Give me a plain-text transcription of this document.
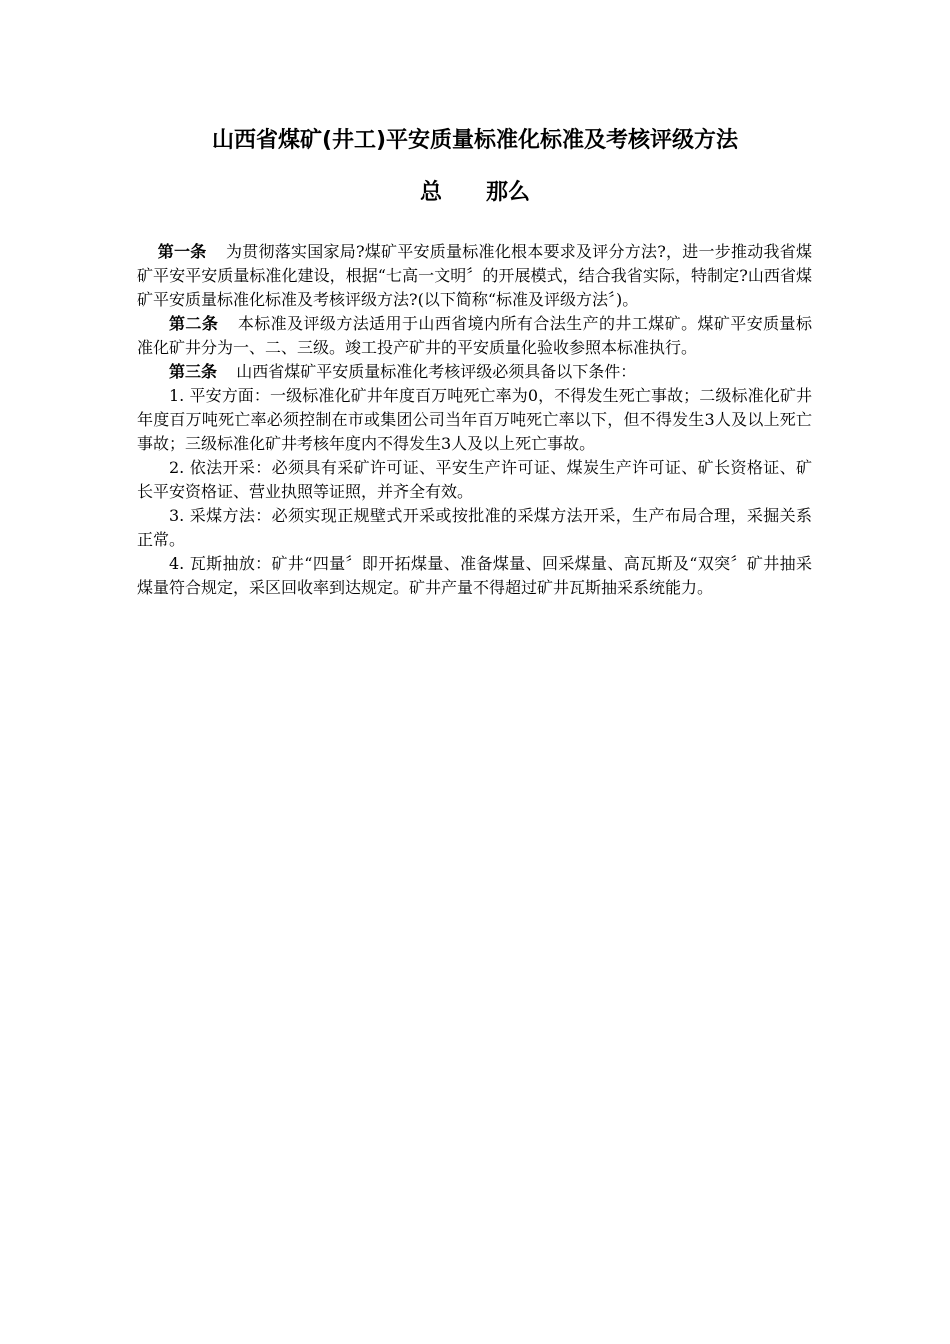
山西省煤矿(井工)平安质量标准化标准及考核评级方法
总　　那么

第一条 为贯彻落实国家局?煤矿平安质量标准化根本要求及评分方法?，进一步推动我省煤矿平安平安质量标准化建设，根据“七高一文明〞的开展模式，结合我省实际，特制定?山西省煤矿平安质量标准化标准及考核评级方法?(以下简称“标准及评级方法〞)。

第二条 本标准及评级方法适用于山西省境内所有合法生产的井工煤矿。煤矿平安质量标准化矿井分为一、二、三级。竣工投产矿井的平安质量化验收参照本标准执行。

第三条 山西省煤矿平安质量标准化考核评级必须具备以下条件：

1. 平安方面：一级标准化矿井年度百万吨死亡率为0，不得发生死亡事故；二级标准化矿井年度百万吨死亡率必须控制在市或集团公司当年百万吨死亡率以下，但不得发生3人及以上死亡事故；三级标准化矿井考核年度内不得发生3人及以上死亡事故。

2. 依法开采：必须具有采矿许可证、平安生产许可证、煤炭生产许可证、矿长资格证、矿长平安资格证、营业执照等证照，并齐全有效。

3. 采煤方法：必须实现正规壁式开采或按批准的采煤方法开采，生产布局合理，采掘关系正常。

4. 瓦斯抽放：矿井“四量〞即开拓煤量、准备煤量、回采煤量、高瓦斯及“双突〞矿井抽采煤量符合规定，采区回收率到达规定。矿井产量不得超过矿井瓦斯抽采系统能力。
